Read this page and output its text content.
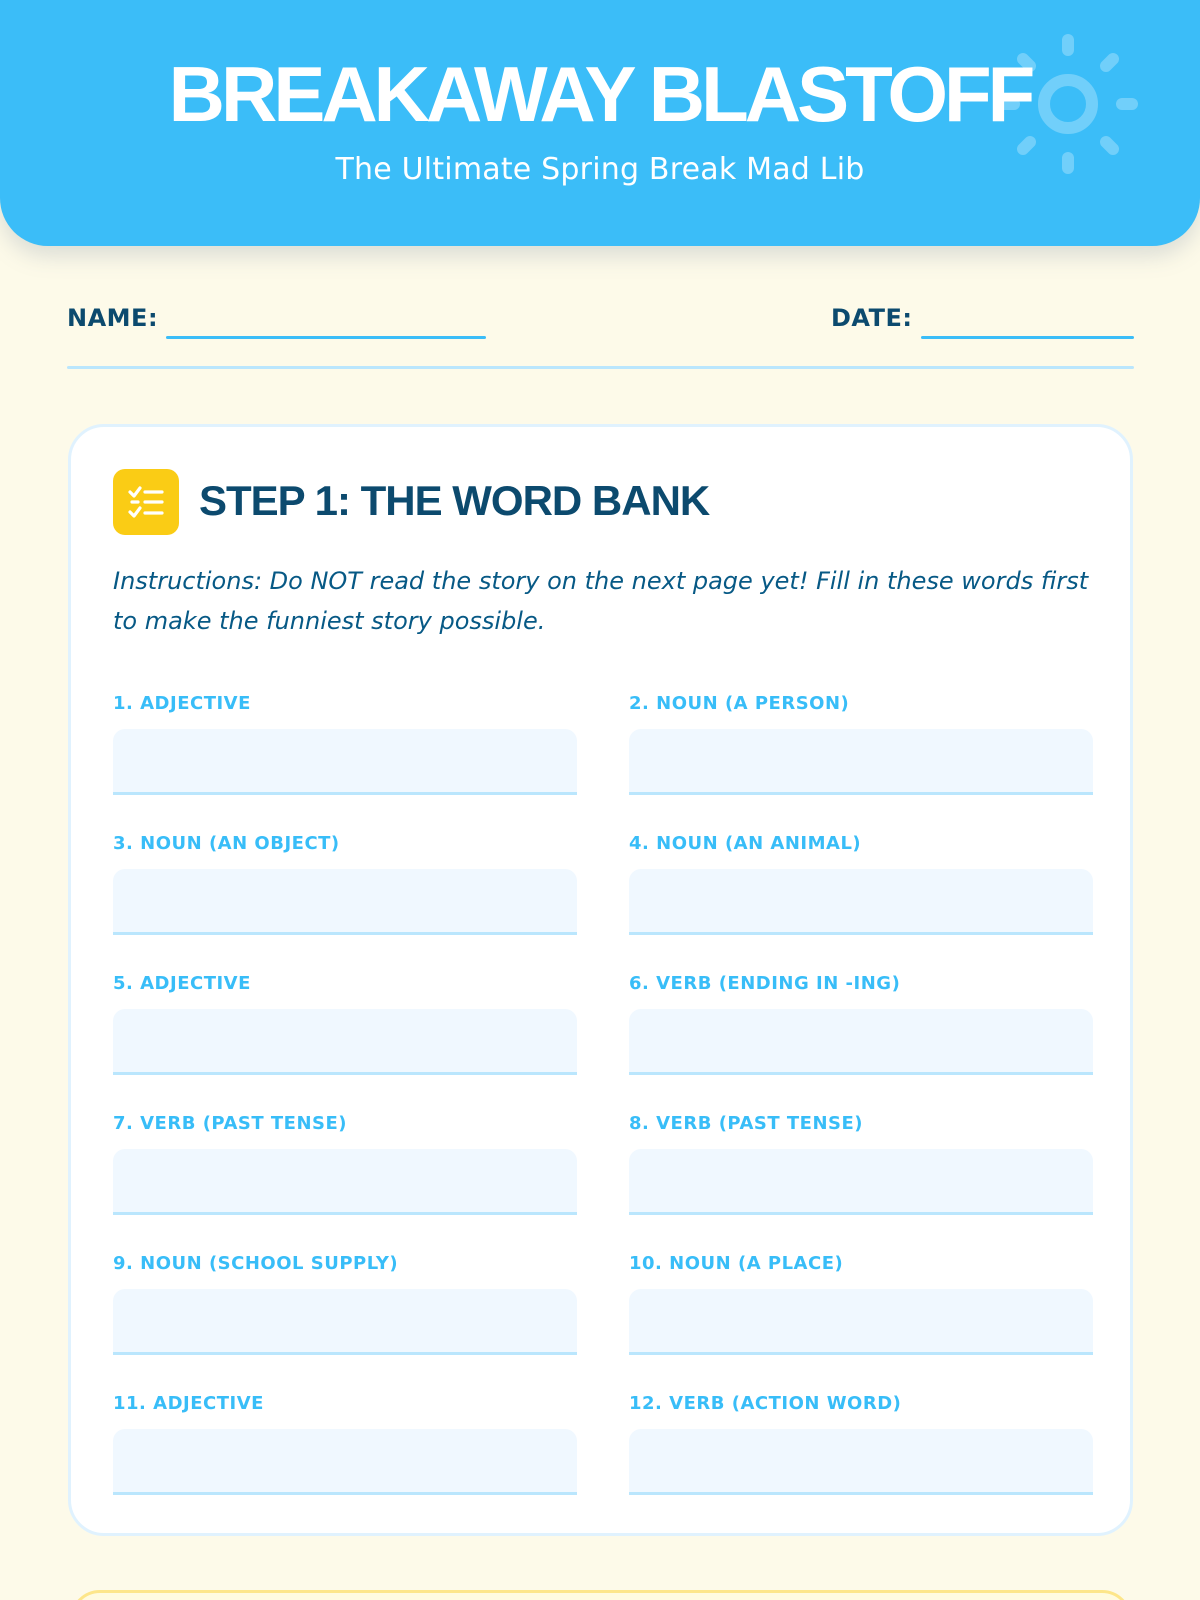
BREAKAWAY BLASTOFF
The Ultimate Spring Break Mad Lib
NAME:	DATE:
STEP 1: THE WORD BANK

Instructions: Do NOT read the story on the next page yet! Fill in these words first to make the funniest story possible.

1. ADJECTIVE	2. NOUN (A PERSON)
3. NOUN (AN OBJECT)	4. NOUN (AN ANIMAL)
5. ADJECTIVE	6. VERB (ENDING IN -ING)
7. VERB (PAST TENSE)	8. VERB (PAST TENSE)
9. NOUN (SCHOOL SUPPLY)	10. NOUN (A PLACE)
11. ADJECTIVE	12. VERB (ACTION WORD)
